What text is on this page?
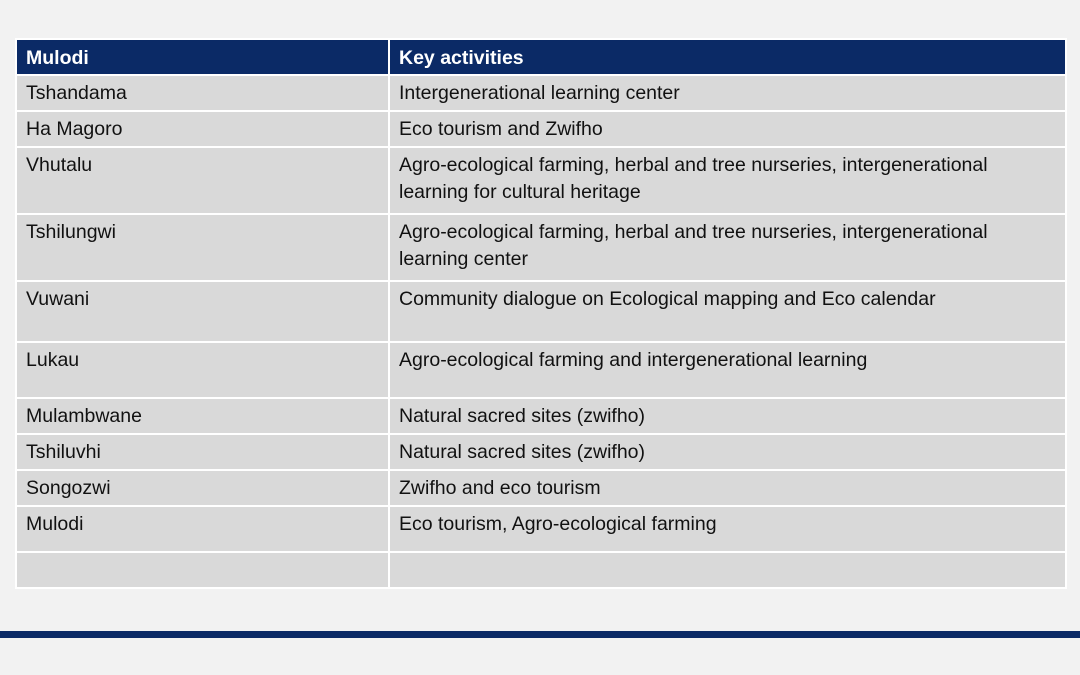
Mulodi	Key activities
Tshandama	Intergenerational learning center
Ha Magoro	Eco tourism and Zwifho
Vhutalu	Agro-ecological farming, herbal and tree nurseries, intergenerational learning for cultural heritage
Tshilungwi	Agro-ecological farming, herbal and tree nurseries, intergenerational learning center
Vuwani	Community dialogue on Ecological mapping and Eco calendar
Lukau	Agro-ecological farming and intergenerational learning
Mulambwane	Natural sacred sites (zwifho)
Tshiluvhi	Natural sacred sites (zwifho)
Songozwi	Zwifho and eco tourism
Mulodi	Eco tourism, Agro-ecological farming
